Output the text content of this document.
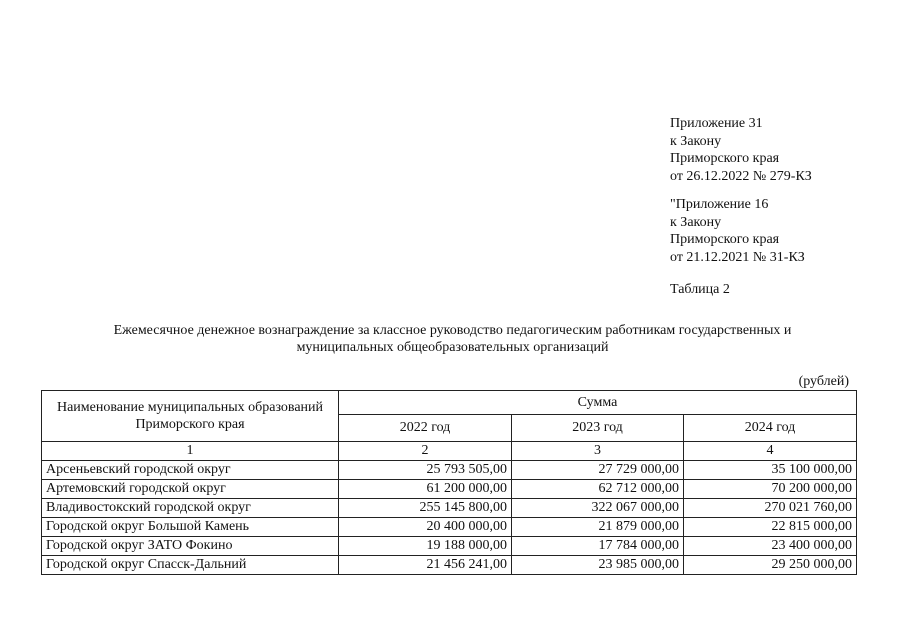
Приложение 31
к Закону
Приморского края
от 26.12.2022 № 279-КЗ
"Приложение 16
к Закону
Приморского края
от 21.12.2021 № 31-КЗ
Таблица 2
Ежемесячное денежное вознаграждение за классное руководство педагогическим работникам государственных и
муниципальных общеобразовательных организаций
(рублей)
Наименование муниципальных образований Приморского края	Сумма		
	2022 год	2023 год	2024 год
1	2	3	4
Арсеньевский городской округ	25 793 505,00	27 729 000,00	35 100 000,00
Артемовский городской округ	61 200 000,00	62 712 000,00	70 200 000,00
Владивостокский городской округ	255 145 800,00	322 067 000,00	270 021 760,00
Городской округ Большой Камень	20 400 000,00	21 879 000,00	22 815 000,00
Городской округ ЗАТО Фокино	19 188 000,00	17 784 000,00	23 400 000,00
Городской округ Спасск-Дальний	21 456 241,00	23 985 000,00	29 250 000,00
